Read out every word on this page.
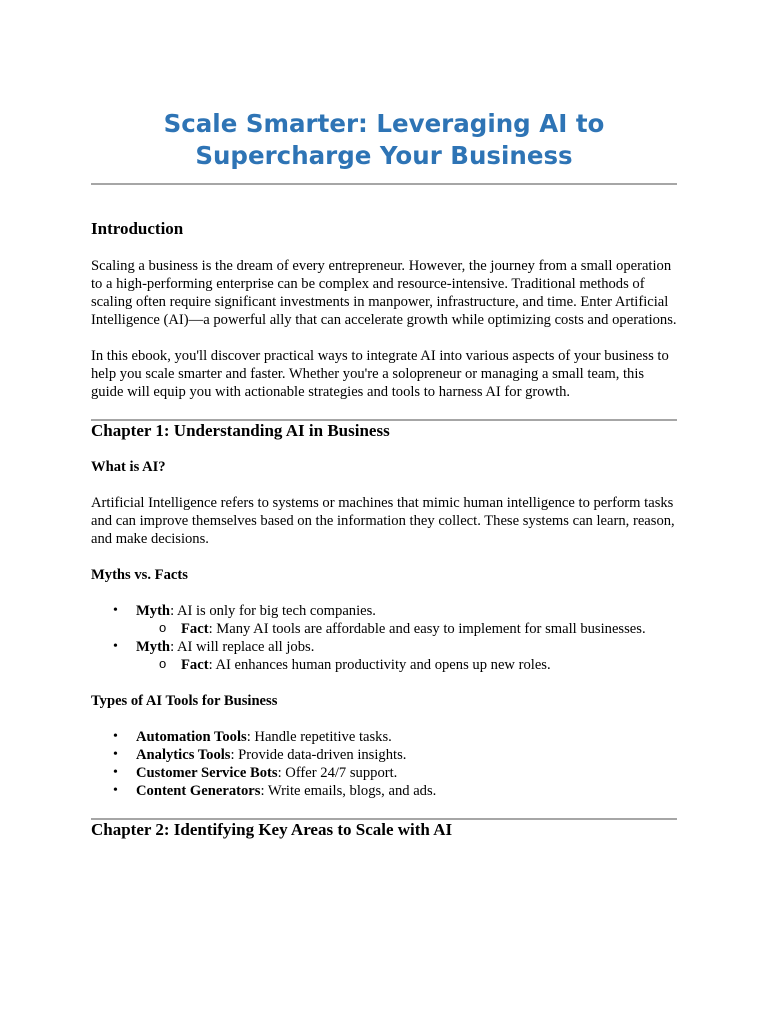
Scale Smarter: Leveraging AI to
Supercharge Your Business
Introduction

Scaling a business is the dream of every entrepreneur. However, the journey from a small operation to a high-performing enterprise can be complex and resource-intensive. Traditional methods of scaling often require significant investments in manpower, infrastructure, and time. Enter Artificial Intelligence (AI)—a powerful ally that can accelerate growth while optimizing costs and operations.

In this ebook, you'll discover practical ways to integrate AI into various aspects of your business to help you scale smarter and faster. Whether you're a solopreneur or managing a small team, this guide will equip you with actionable strategies and tools to harness AI for growth.

Chapter 1: Understanding AI in Business
What is AI?

Artificial Intelligence refers to systems or machines that mimic human intelligence to perform tasks and can improve themselves based on the information they collect. These systems can learn, reason, and make decisions.

Myths vs. Facts
• Myth: AI is only for big tech companies.
o Fact: Many AI tools are affordable and easy to implement for small businesses.
• Myth: AI will replace all jobs.
o Fact: AI enhances human productivity and opens up new roles.
Types of AI Tools for Business
• Automation Tools: Handle repetitive tasks.
• Analytics Tools: Provide data-driven insights.
• Customer Service Bots: Offer 24/7 support.
• Content Generators: Write emails, blogs, and ads.
Chapter 2: Identifying Key Areas to Scale with AI
